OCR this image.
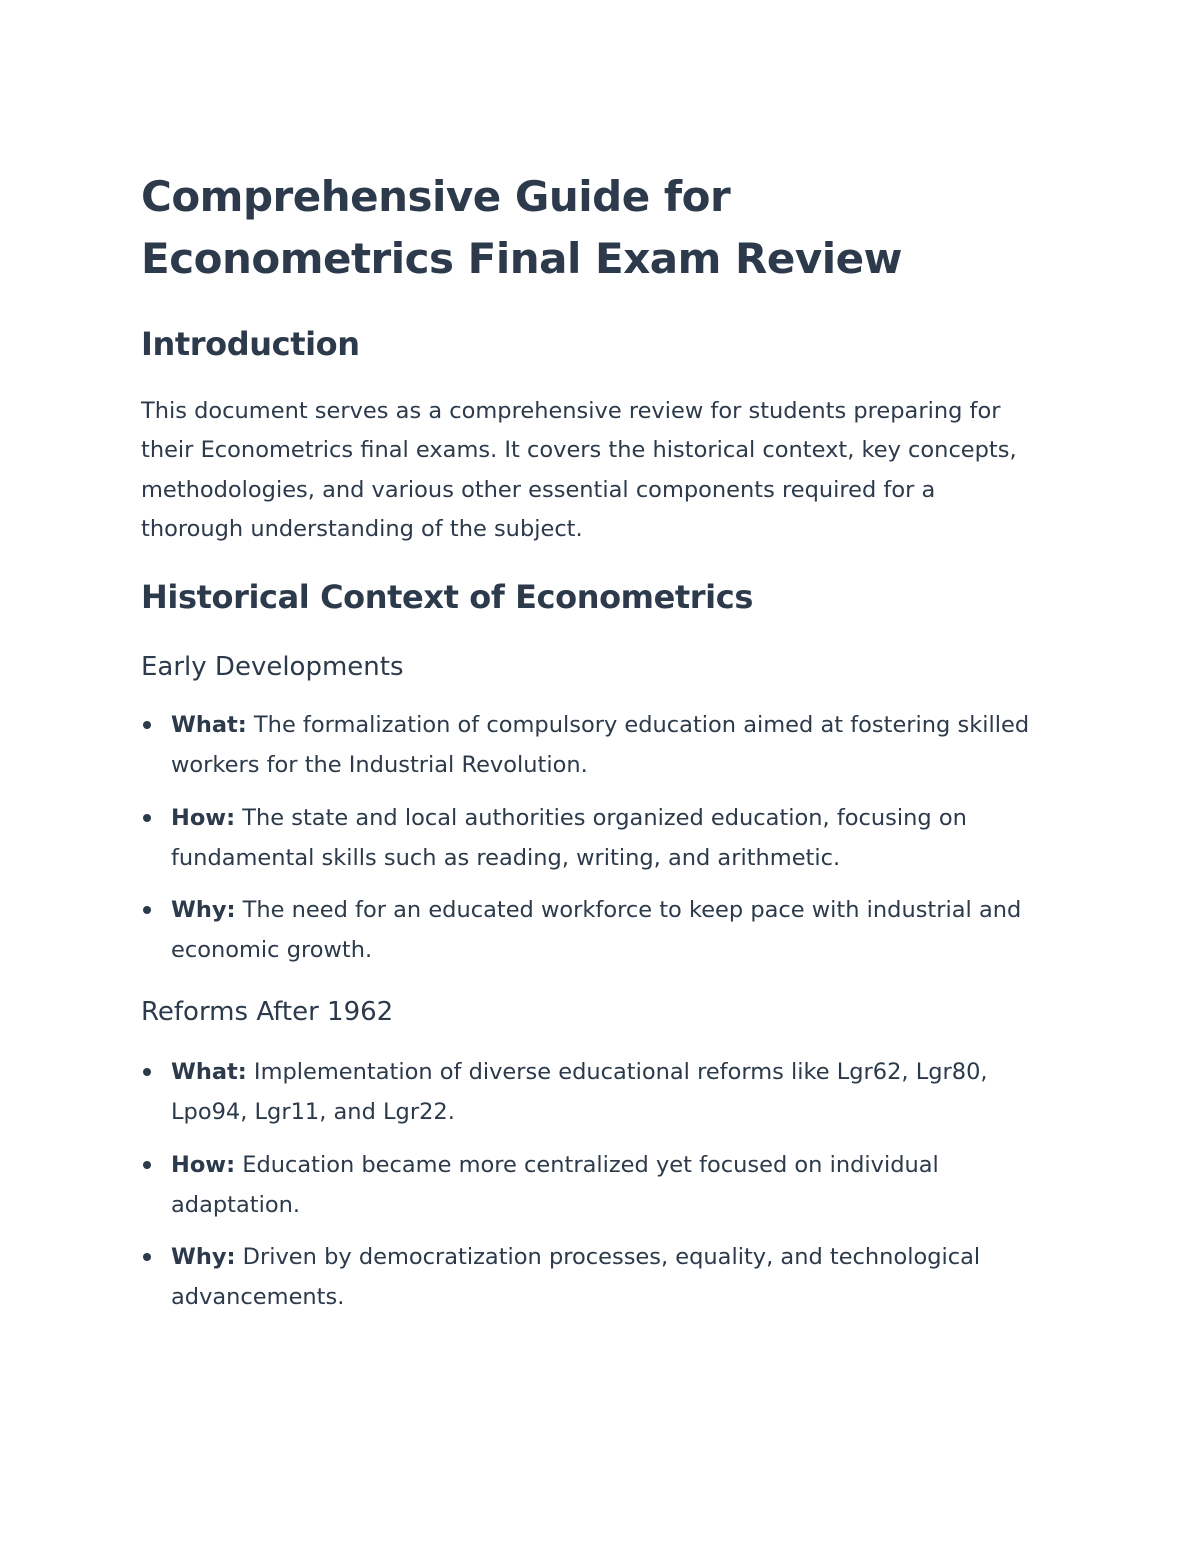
Comprehensive Guide for
Econometrics Final Exam Review
Introduction

This document serves as a comprehensive review for students preparing for their Econometrics final exams. It covers the historical context, key concepts, methodologies, and various other essential components required for a thorough understanding of the subject.

Historical Context of Econometrics
Early Developments
What: The formalization of compulsory education aimed at fostering skilled workers for the Industrial Revolution.
How: The state and local authorities organized education, focusing on fundamental skills such as reading, writing, and arithmetic.
Why: The need for an educated workforce to keep pace with industrial and economic growth.
Reforms After 1962
What: Implementation of diverse educational reforms like Lgr62, Lgr80, Lpo94, Lgr11, and Lgr22.
How: Education became more centralized yet focused on individual adaptation.
Why: Driven by democratization processes, equality, and technological advancements.
